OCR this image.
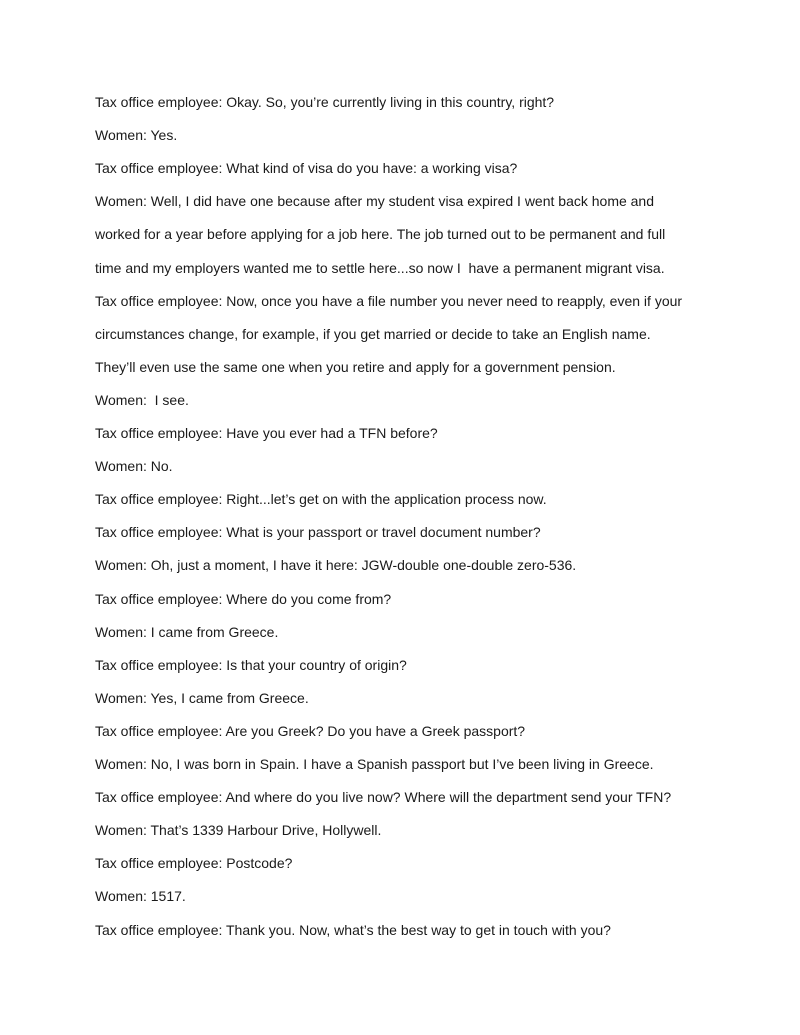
Tax office employee: Okay. So, you’re currently living in this country, right?

Women: Yes.

Tax office employee: What kind of visa do you have: a working visa?

Women: Well, I did have one because after my student visa expired I went back home and

worked for a year before applying for a job here. The job turned out to be permanent and full

time and my employers wanted me to settle here...so now I  have a permanent migrant visa.

Tax office employee: Now, once you have a file number you never need to reapply, even if your

circumstances change, for example, if you get married or decide to take an English name.

They’ll even use the same one when you retire and apply for a government pension.

Women:  I see.

Tax office employee: Have you ever had a TFN before?

Women: No.

Tax office employee: Right...let’s get on with the application process now.

Tax office employee: What is your passport or travel document number?

Women: Oh, just a moment, I have it here: JGW-double one-double zero-536.

Tax office employee: Where do you come from?

Women: I came from Greece.

Tax office employee: Is that your country of origin?

Women: Yes, I came from Greece.

Tax office employee: Are you Greek? Do you have a Greek passport?

Women: No, I was born in Spain. I have a Spanish passport but I’ve been living in Greece.

Tax office employee: And where do you live now? Where will the department send your TFN?

Women: That’s 1339 Harbour Drive, Hollywell.

Tax office employee: Postcode?

Women: 1517.

Tax office employee: Thank you. Now, what’s the best way to get in touch with you?
